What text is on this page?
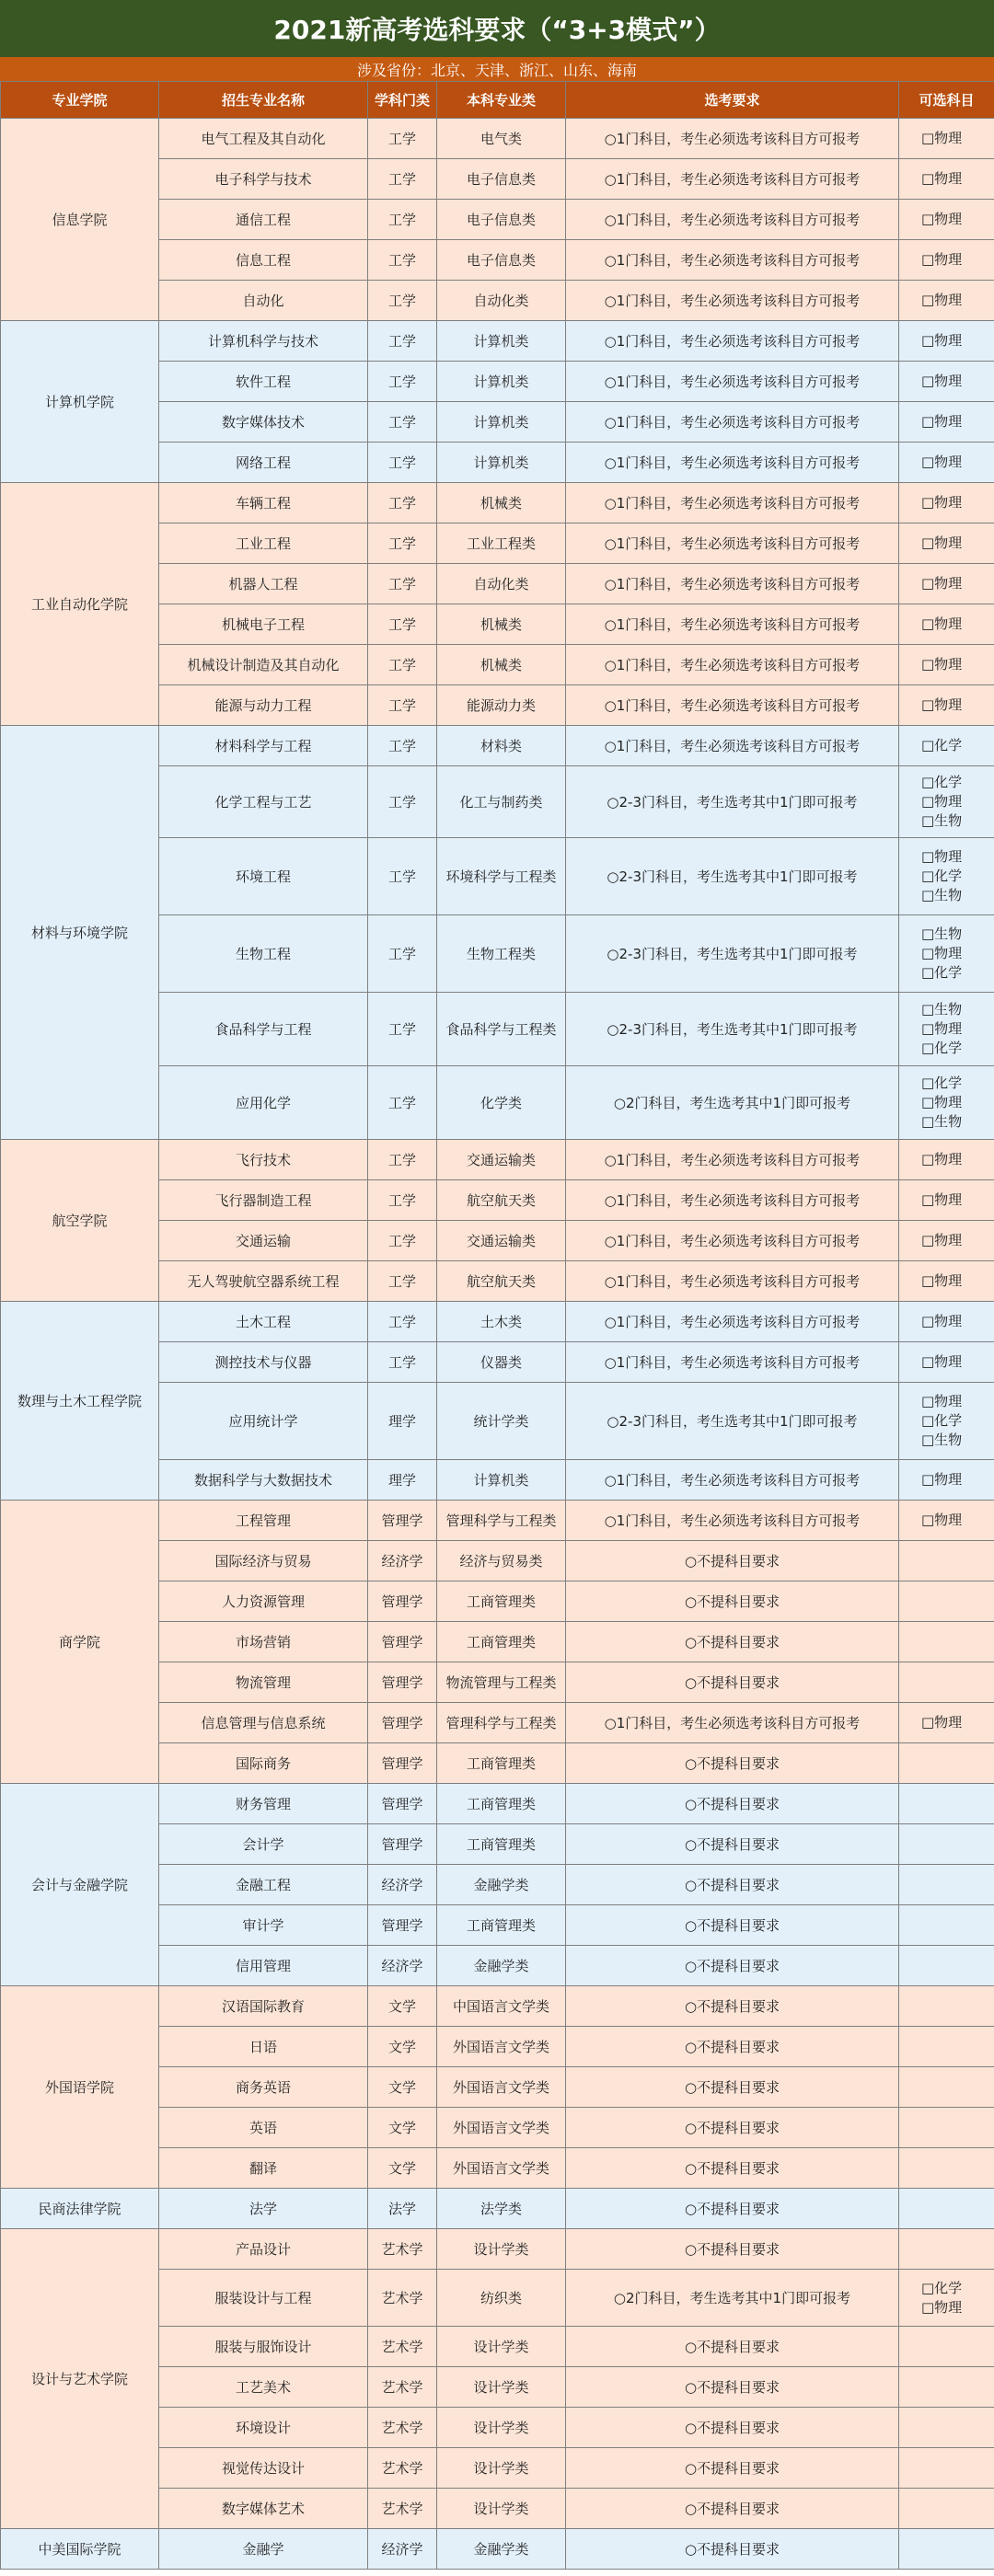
2021新高考选科要求（“3+3模式”）
涉及省份：北京、天津、浙江、山东、海南
专业学院	招生专业名称	学科门类	本科专业类	选考要求	可选科目
信息学院	电气工程及其自动化	工学	电气类	○1门科目，考生必须选考该科目方可报考	□物理

	电子科学与技术	工学	电子信息类	○1门科目，考生必须选考该科目方可报考	□物理

	通信工程	工学	电子信息类	○1门科目，考生必须选考该科目方可报考	□物理

	信息工程	工学	电子信息类	○1门科目，考生必须选考该科目方可报考	□物理

	自动化	工学	自动化类	○1门科目，考生必须选考该科目方可报考	□物理

计算机学院	计算机科学与技术	工学	计算机类	○1门科目，考生必须选考该科目方可报考	□物理

	软件工程	工学	计算机类	○1门科目，考生必须选考该科目方可报考	□物理

	数字媒体技术	工学	计算机类	○1门科目，考生必须选考该科目方可报考	□物理

	网络工程	工学	计算机类	○1门科目，考生必须选考该科目方可报考	□物理

工业自动化学院	车辆工程	工学	机械类	○1门科目，考生必须选考该科目方可报考	□物理

	工业工程	工学	工业工程类	○1门科目，考生必须选考该科目方可报考	□物理

	机器人工程	工学	自动化类	○1门科目，考生必须选考该科目方可报考	□物理

	机械电子工程	工学	机械类	○1门科目，考生必须选考该科目方可报考	□物理

	机械设计制造及其自动化	工学	机械类	○1门科目，考生必须选考该科目方可报考	□物理

	能源与动力工程	工学	能源动力类	○1门科目，考生必须选考该科目方可报考	□物理

材料与环境学院	材料科学与工程	工学	材料类	○1门科目，考生必须选考该科目方可报考	□化学

	化学工程与工艺	工学	化工与制药类	○2-3门科目，考生选考其中1门即可报考	□化学
□物理
□生物

	环境工程	工学	环境科学与工程类	○2-3门科目，考生选考其中1门即可报考	□物理
□化学
□生物

	生物工程	工学	生物工程类	○2-3门科目，考生选考其中1门即可报考	□生物
□物理
□化学

	食品科学与工程	工学	食品科学与工程类	○2-3门科目，考生选考其中1门即可报考	□生物
□物理
□化学

	应用化学	工学	化学类	○2门科目，考生选考其中1门即可报考	□化学
□物理
□生物

航空学院	飞行技术	工学	交通运输类	○1门科目，考生必须选考该科目方可报考	□物理

	飞行器制造工程	工学	航空航天类	○1门科目，考生必须选考该科目方可报考	□物理

	交通运输	工学	交通运输类	○1门科目，考生必须选考该科目方可报考	□物理

	无人驾驶航空器系统工程	工学	航空航天类	○1门科目，考生必须选考该科目方可报考	□物理

数理与土木工程学院	土木工程	工学	土木类	○1门科目，考生必须选考该科目方可报考	□物理

	测控技术与仪器	工学	仪器类	○1门科目，考生必须选考该科目方可报考	□物理

	应用统计学	理学	统计学类	○2-3门科目，考生选考其中1门即可报考	□物理
□化学
□生物

	数据科学与大数据技术	理学	计算机类	○1门科目，考生必须选考该科目方可报考	□物理

商学院	工程管理	管理学	管理科学与工程类	○1门科目，考生必须选考该科目方可报考	□物理

	国际经济与贸易	经济学	经济与贸易类	○不提科目要求	
	人力资源管理	管理学	工商管理类	○不提科目要求	
	市场营销	管理学	工商管理类	○不提科目要求	
	物流管理	管理学	物流管理与工程类	○不提科目要求	
	信息管理与信息系统	管理学	管理科学与工程类	○1门科目，考生必须选考该科目方可报考	□物理

	国际商务	管理学	工商管理类	○不提科目要求	
会计与金融学院	财务管理	管理学	工商管理类	○不提科目要求	
	会计学	管理学	工商管理类	○不提科目要求	
	金融工程	经济学	金融学类	○不提科目要求	
	审计学	管理学	工商管理类	○不提科目要求	
	信用管理	经济学	金融学类	○不提科目要求	
外国语学院	汉语国际教育	文学	中国语言文学类	○不提科目要求	
	日语	文学	外国语言文学类	○不提科目要求	
	商务英语	文学	外国语言文学类	○不提科目要求	
	英语	文学	外国语言文学类	○不提科目要求	
	翻译	文学	外国语言文学类	○不提科目要求	
民商法律学院	法学	法学	法学类	○不提科目要求	
设计与艺术学院	产品设计	艺术学	设计学类	○不提科目要求	
	服装设计与工程	艺术学	纺织类	○2门科目，考生选考其中1门即可报考	□化学
□物理

	服装与服饰设计	艺术学	设计学类	○不提科目要求	
	工艺美术	艺术学	设计学类	○不提科目要求	
	环境设计	艺术学	设计学类	○不提科目要求	
	视觉传达设计	艺术学	设计学类	○不提科目要求	
	数字媒体艺术	艺术学	设计学类	○不提科目要求	
中美国际学院	金融学	经济学	金融学类	○不提科目要求	
